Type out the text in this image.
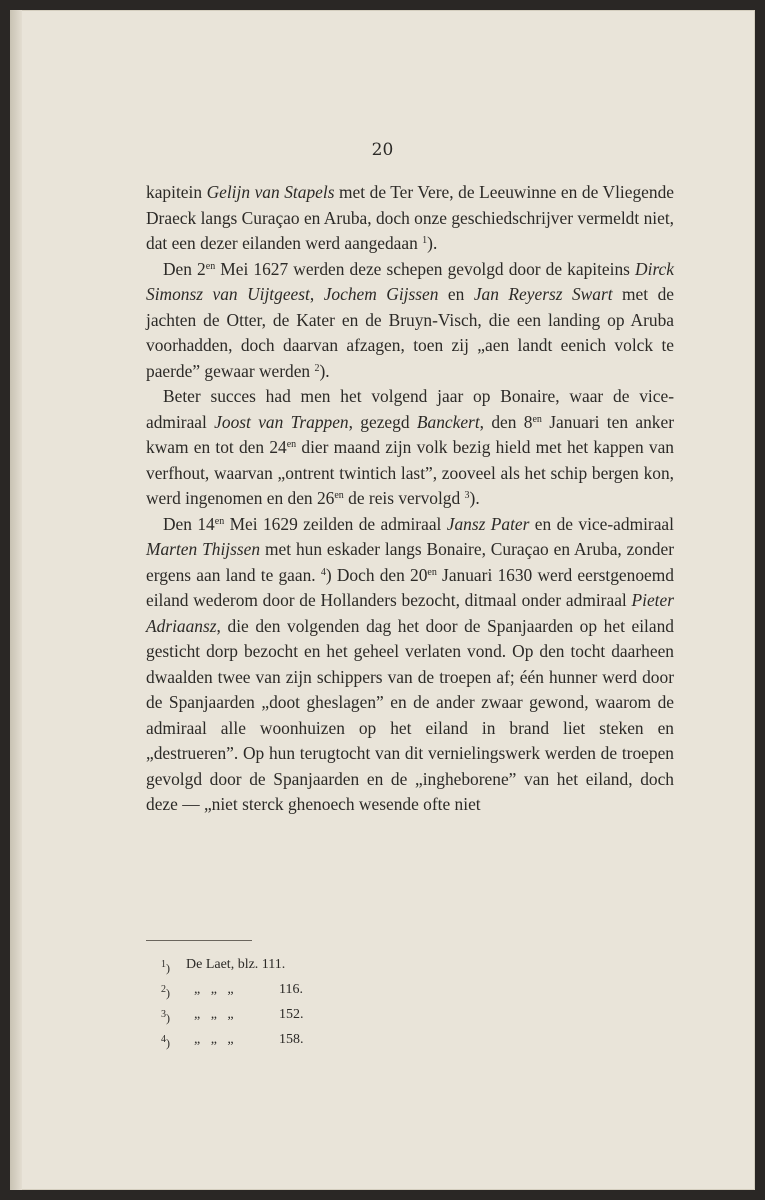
20

kapitein Gelijn van Stapels met de Ter Vere, de Leeuwinne en de Vliegende Draeck langs Curaçao en Aruba, doch onze geschiedschrijver vermeldt niet, dat een dezer eilanden werd aangedaan $^1$).

Den $2^{en}$ Mei 1627 werden deze schepen gevolgd door de kapiteins Dirck Simonsz van Uijtgeest, Jochem Gijssen en Jan Reyersz Swart met de jachten de Otter, de Kater en de Bruyn-Visch, die een landing op Aruba voorhadden, doch daarvan afzagen, toen zij „aen landt eenich volck te paerde” gewaar werden $^2$).

Beter succes had men het volgend jaar op Bonaire, waar de vice-admiraal Joost van Trappen, gezegd Banckert, den $8^{en}$ Januari ten anker kwam en tot den $24^{en}$ dier maand zijn volk bezig hield met het kappen van verfhout, waarvan „ontrent twintich last”, zooveel als het schip bergen kon, werd ingenomen en den $26^{en}$ de reis vervolgd $^3$).

Den $14^{en}$ Mei 1629 zeilden de admiraal Jansz Pater en de vice-admiraal Marten Thijssen met hun eskader langs Bonaire, Curaçao en Aruba, zonder ergens aan land te gaan. $^4$) Doch den $20^{en}$ Januari 1630 werd eerstgenoemd eiland wederom door de Hollanders bezocht, ditmaal onder admiraal Pieter Adriaansz, die den volgenden dag het door de Spanjaarden op het eiland gesticht dorp bezocht en het geheel verlaten vond. Op den tocht daarheen dwaalden twee van zijn schippers van de troepen af; één hunner werd door de Spanjaarden „doot gheslagen” en de ander zwaar gewond, waarom de admiraal alle woonhuizen op het eiland in brand liet steken en „destrueren”. Op hun terugtocht van dit vernielingswerk werden de troepen gevolgd door de Spanjaarden en de „ingheborene” van het eiland, doch deze — „niet sterck ghenoech wesende ofte niet

$^1$)	De Laet, blz. 111.
$^2$)	„   „   „	116.
$^3$)	„   „   „	152.
$^4$)	„   „   „	158.
